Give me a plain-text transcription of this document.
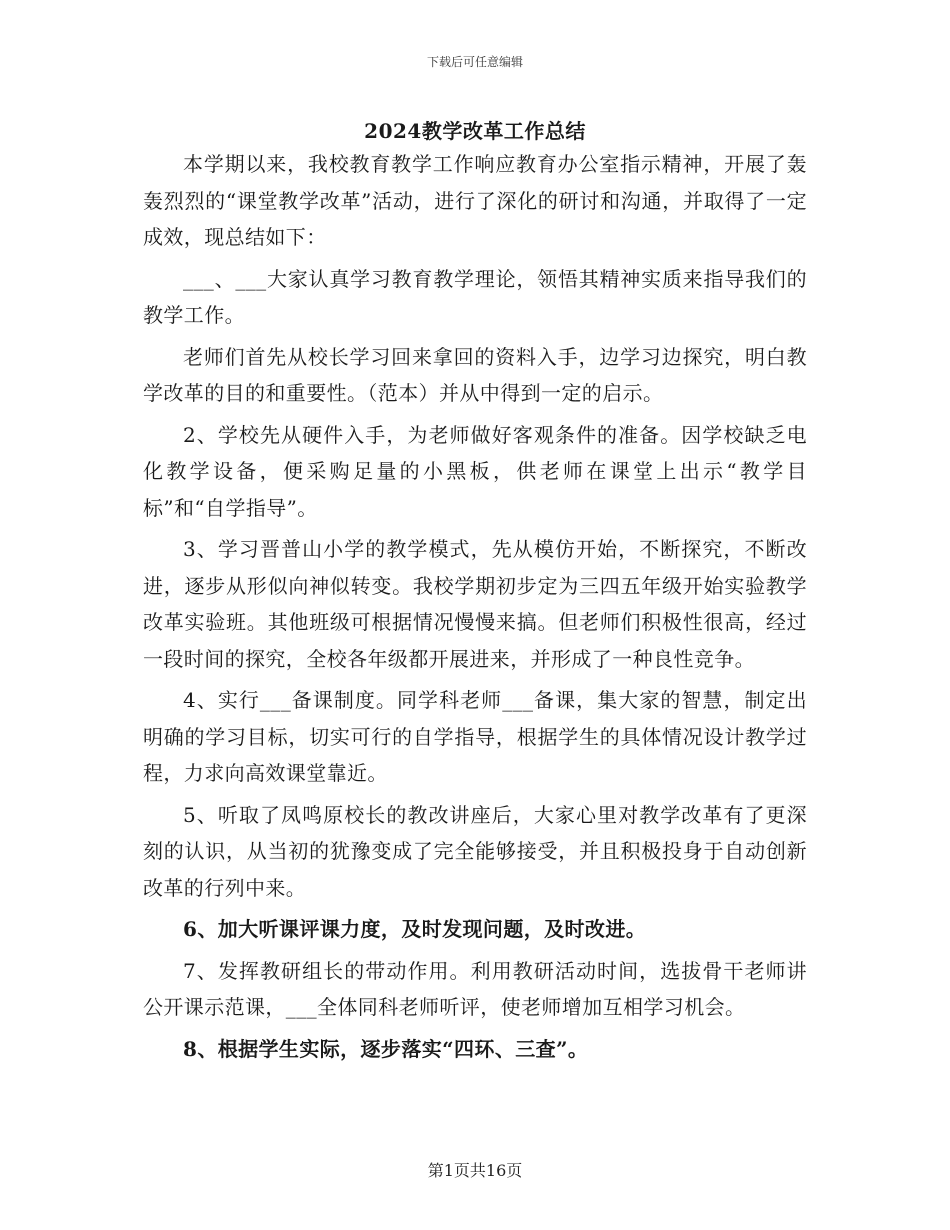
下载后可任意编辑
2024教学改革工作总结

本学期以来，我校教育教学工作响应教育办公室指示精神，开展了轰轰烈烈的“课堂教学改革”活动，进行了深化的研讨和沟通，并取得了一定成效，现总结如下：

___、___大家认真学习教育教学理论，领悟其精神实质来指导我们的教学工作。

老师们首先从校长学习回来拿回的资料入手，边学习边探究，明白教学改革的目的和重要性。（范本）并从中得到一定的启示。

2、学校先从硬件入手，为老师做好客观条件的准备。因学校缺乏电化教学设备，便采购足量的小黑板，供老师在课堂上出示“教学目标”和“自学指导”。

3、学习晋普山小学的教学模式，先从模仿开始，不断探究，不断改进，逐步从形似向神似转变。我校学期初步定为三四五年级开始实验教学改革实验班。其他班级可根据情况慢慢来搞。但老师们积极性很高，经过一段时间的探究，全校各年级都开展进来，并形成了一种良性竞争。

4、实行___备课制度。同学科老师___备课，集大家的智慧，制定出明确的学习目标，切实可行的自学指导，根据学生的具体情况设计教学过程，力求向高效课堂靠近。

5、听取了凤鸣原校长的教改讲座后，大家心里对教学改革有了更深刻的认识，从当初的犹豫变成了完全能够接受，并且积极投身于自动创新改革的行列中来。

6、加大听课评课力度，及时发现问题，及时改进。

7、发挥教研组长的带动作用。利用教研活动时间，选拔骨干老师讲公开课示范课，___全体同科老师听评，使老师增加互相学习机会。

8、根据学生实际，逐步落实“四环、三查”。

第1页共16页
